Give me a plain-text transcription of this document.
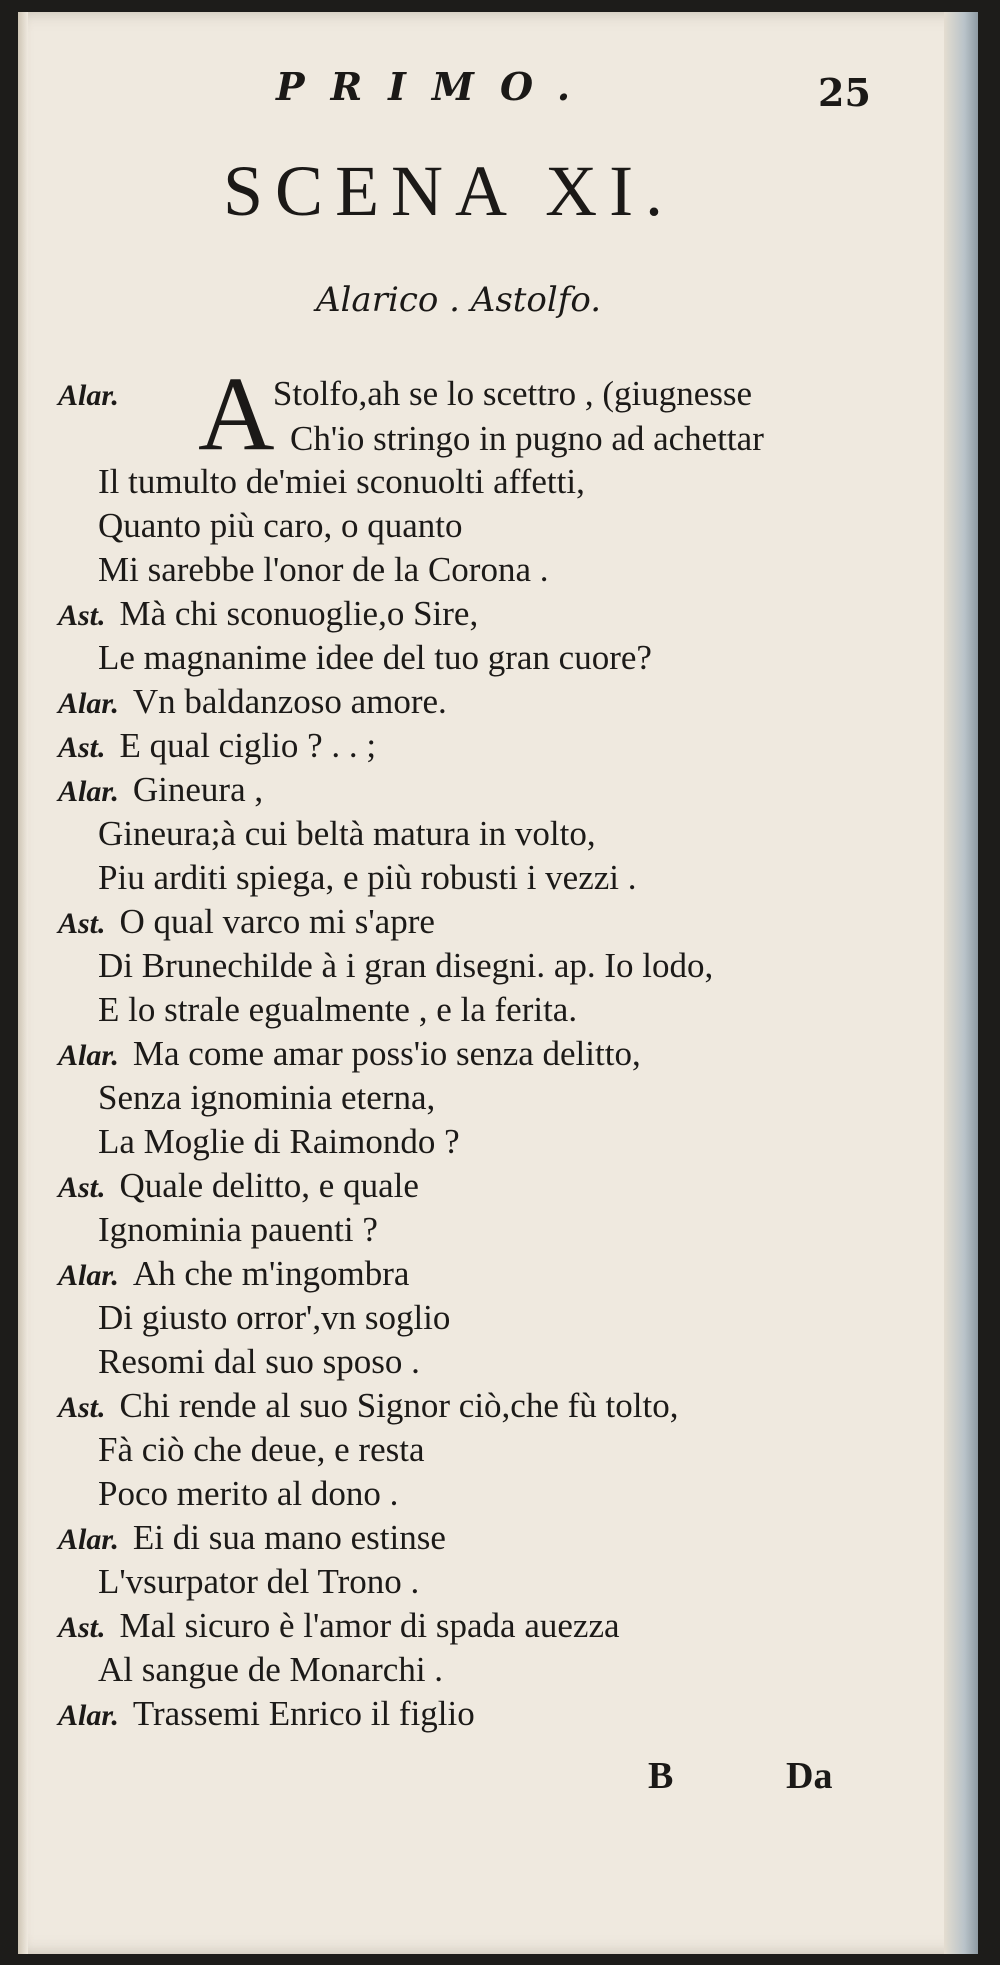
PRIMO.	25
SCENA XI.
Alarico . Astolfo.
A
Alar.	Stolfo,ah se lo scettro , (giugnesse
Ch'io stringo in pugno ad achettar
Il tumulto de'miei sconuolti affetti,
Quanto più caro, o quanto
Mi sarebbe l'onor de la Corona .
Ast. Mà chi sconuoglie,o Sire,
Le magnanime idee del tuo gran cuore?
Alar. Vn baldanzoso amore.
Ast. E qual ciglio ? . . ;
Alar. Gineura ,
Gineura;à cui beltà matura in volto,
Piu arditi spiega, e più robusti i vezzi .
Ast. O qual varco mi s'apre
Di Brunechilde à i gran disegni. ap. Io lodo,
E lo strale egualmente , e la ferita.
Alar. Ma come amar poss'io senza delitto,
Senza ignominia eterna,
La Moglie di Raimondo ?
Ast. Quale delitto, e quale
Ignominia pauenti ?
Alar. Ah che m'ingombra
Di giusto orror',vn soglio
Resomi dal suo sposo .
Ast. Chi rende al suo Signor ciò,che fù tolto,
Fà ciò che deue, e resta
Poco merito al dono .
Alar. Ei di sua mano estinse
L'vsurpator del Trono .
Ast. Mal sicuro è l'amor di spada auezza
Al sangue de Monarchi .
Alar. Trassemi Enrico il figlio
B	Da
